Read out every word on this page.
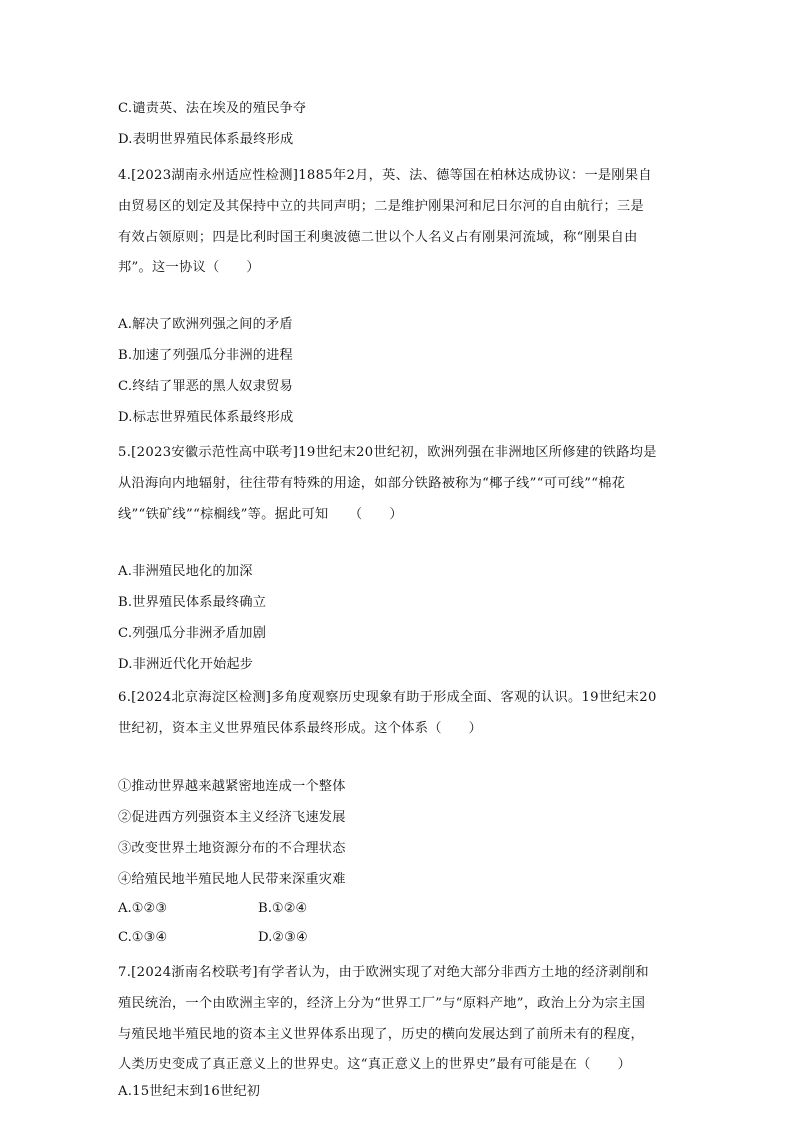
C.谴责英、法在埃及的殖民争夺
D.表明世界殖民体系最终形成
4.[2023湖南永州适应性检测]1885年2月，英、法、德等国在柏林达成协议：一是刚果自
由贸易区的划定及其保持中立的共同声明；二是维护刚果河和尼日尔河的自由航行；三是
有效占领原则；四是比利时国王利奥波德二世以个人名义占有刚果河流域，称“刚果自由
邦”。这一协议（　　）
A.解决了欧洲列强之间的矛盾
B.加速了列强瓜分非洲的进程
C.终结了罪恶的黑人奴隶贸易
D.标志世界殖民体系最终形成
5.[2023安徽示范性高中联考]19世纪末20世纪初，欧洲列强在非洲地区所修建的铁路均是
从沿海向内地辐射，往往带有特殊的用途，如部分铁路被称为“椰子线”“可可线”“棉花
线”“铁矿线”“棕榈线”等。据此可知　　（　　）
A.非洲殖民地化的加深
B.世界殖民体系最终确立
C.列强瓜分非洲矛盾加剧
D.非洲近代化开始起步
6.[2024北京海淀区检测]多角度观察历史现象有助于形成全面、客观的认识。19世纪末20
世纪初，资本主义世界殖民体系最终形成。这个体系（　　）
①推动世界越来越紧密地连成一个整体
②促进西方列强资本主义经济飞速发展
③改变世界土地资源分布的不合理状态
④给殖民地半殖民地人民带来深重灾难
A.①②③	B.①②④
C.①③④	D.②③④
7.[2024浙南名校联考]有学者认为，由于欧洲实现了对绝大部分非西方土地的经济剥削和
殖民统治，一个由欧洲主宰的，经济上分为“世界工厂”与“原料产地”，政治上分为宗主国
与殖民地半殖民地的资本主义世界体系出现了，历史的横向发展达到了前所未有的程度，
人类历史变成了真正意义上的世界史。这“真正意义上的世界史”最有可能是在（　　）
A.15世纪末到16世纪初
